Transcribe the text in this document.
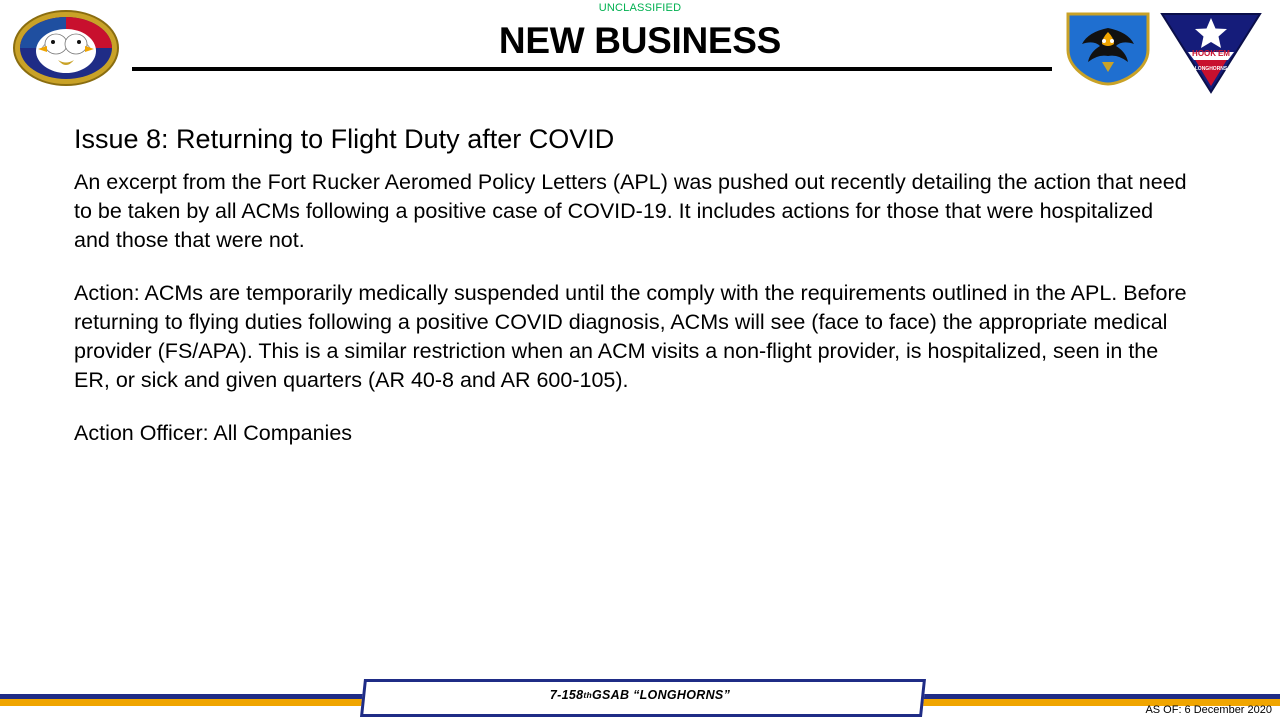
UNCLASSIFIED
NEW BUSINESS	HOOK'EM
LONGHORNS
Issue 8: Returning to Flight Duty after COVID

An excerpt from the Fort Rucker Aeromed Policy Letters (APL) was pushed out recently detailing the action that need to be taken by all ACMs following a positive case of COVID-19. It includes actions for those that were hospitalized and those that were not.

Action: ACMs are temporarily medically suspended until the comply with the requirements outlined in the APL. Before returning to flying duties following a positive COVID diagnosis, ACMs will see (face to face) the appropriate medical provider (FS/APA). This is a similar restriction when an ACM visits a non-flight provider, is hospitalized, seen in the ER, or sick and given quarters (AR 40-8 and AR 600-105).

Action Officer: All Companies

7-158 th GSAB “LONGHORNS”
AS OF: 6 December 2020
